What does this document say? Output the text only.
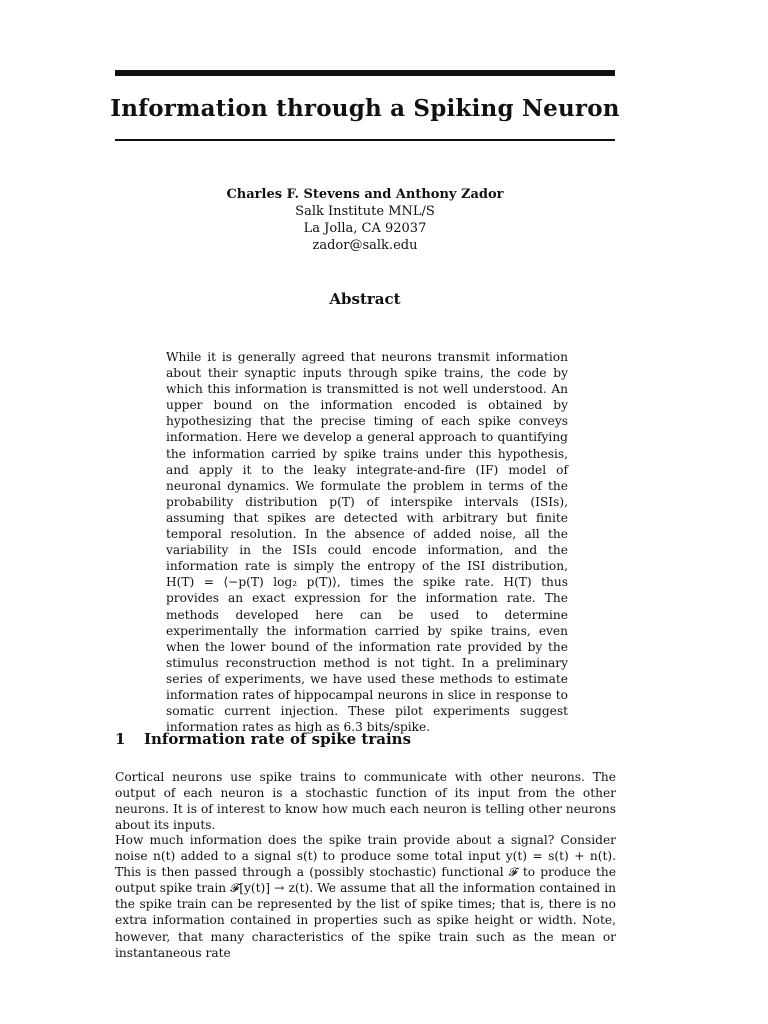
Information through a Spiking Neuron
Charles F. Stevens and Anthony Zador
Salk Institute MNL/S
La Jolla, CA 92037
zador@salk.edu
Abstract
While it is generally agreed that neurons transmit information about their synaptic inputs through spike trains, the code by which this information is transmitted is not well understood. An upper bound on the information encoded is obtained by hypothesizing that the precise timing of each spike conveys information. Here we develop a general approach to quantifying the information carried by spike trains under this hypothesis, and apply it to the leaky integrate-and-fire (IF) model of neuronal dynamics. We formulate the problem in terms of the probability distribution p(T) of interspike intervals (ISIs), assuming that spikes are detected with arbitrary but finite temporal resolution. In the absence of added noise, all the variability in the ISIs could encode information, and the information rate is simply the entropy of the ISI distribution, H(T) = ⟨−p(T) log₂ p(T)⟩, times the spike rate. H(T) thus provides an exact expression for the information rate. The methods developed here can be used to determine experimentally the information carried by spike trains, even when the lower bound of the information rate provided by the stimulus reconstruction method is not tight. In a preliminary series of experiments, we have used these methods to estimate information rates of hippocampal neurons in slice in response to somatic current injection. These pilot experiments suggest information rates as high as 6.3 bits/spike.
1 Information rate of spike trains
Cortical neurons use spike trains to communicate with other neurons. The output of each neuron is a stochastic function of its input from the other neurons. It is of interest to know how much each neuron is telling other neurons about its inputs.
How much information does the spike train provide about a signal? Consider noise n(t) added to a signal s(t) to produce some total input y(t) = s(t) + n(t). This is then passed through a (possibly stochastic) functional 𝓕 to produce the output spike train 𝓕[y(t)] → z(t). We assume that all the information contained in the spike train can be represented by the list of spike times; that is, there is no extra information contained in properties such as spike height or width. Note, however, that many characteristics of the spike train such as the mean or instantaneous rate
